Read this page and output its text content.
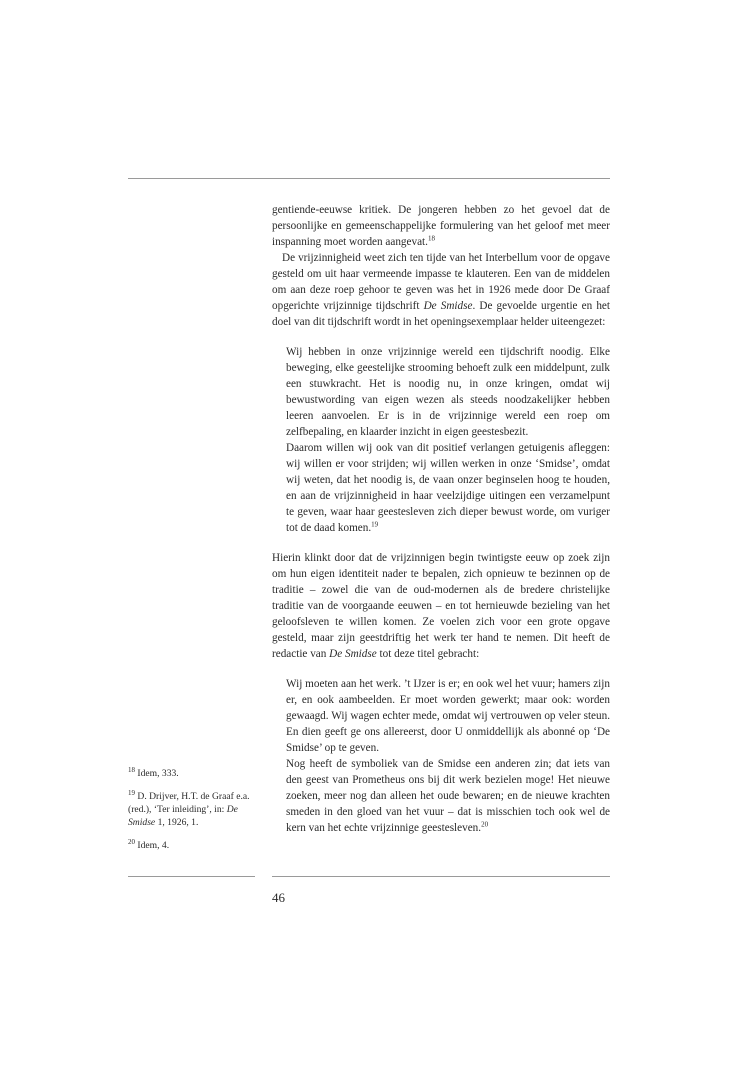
gentiende-eeuwse kritiek. De jongeren hebben zo het gevoel dat de persoonlijke en gemeenschappelijke formulering van het geloof met meer inspanning moet worden aangevat.$^{18}$

De vrijzinnigheid weet zich ten tijde van het Interbellum voor de opgave gesteld om uit haar vermeende impasse te klauteren. Een van de middelen om aan deze roep gehoor te geven was het in 1926 mede door De Graaf opgerichte vrijzinnige tijdschrift De Smidse. De gevoelde urgentie en het doel van dit tijdschrift wordt in het openingsexemplaar helder uiteengezet:

Wij hebben in onze vrijzinnige wereld een tijdschrift noodig. Elke beweging, elke geestelijke strooming behoeft zulk een middelpunt, zulk een stuwkracht. Het is noodig nu, in onze kringen, omdat wij bewustwording van eigen wezen als steeds noodzakelijker hebben leeren aanvoelen. Er is in de vrijzinnige wereld een roep om zelfbepaling, en klaarder inzicht in eigen geestesbezit.

Daarom willen wij ook van dit positief verlangen getuigenis afleggen: wij willen er voor strijden; wij willen werken in onze ‘Smidse’, omdat wij weten, dat het noodig is, de vaan onzer beginselen hoog te houden, en aan de vrijzinnigheid in haar veelzijdige uitingen een verzamelpunt te geven, waar haar geestesleven zich dieper bewust worde, om vuriger tot de daad komen.$^{19}$

Hierin klinkt door dat de vrijzinnigen begin twintigste eeuw op zoek zijn om hun eigen identiteit nader te bepalen, zich opnieuw te bezinnen op de traditie – zowel die van de oud-modernen als de bredere christelijke traditie van de voorgaande eeuwen – en tot hernieuwde bezieling van het geloofsleven te willen komen. Ze voelen zich voor een grote opgave gesteld, maar zijn geestdriftig het werk ter hand te nemen. Dit heeft de redactie van De Smidse tot deze titel gebracht:

Wij moeten aan het werk. ’t IJzer is er; en ook wel het vuur; hamers zijn er, en ook aambeelden. Er moet worden gewerkt; maar ook: worden gewaagd. Wij wagen echter mede, omdat wij vertrouwen op veler steun. En dien geeft ge ons allereerst, door U onmiddellijk als abonné op ‘De Smidse’ op te geven.

Nog heeft de symboliek van de Smidse een anderen zin; dat iets van den geest van Prometheus ons bij dit werk bezielen moge! Het nieuwe zoeken, meer nog dan alleen het oude bewaren; en de nieuwe krachten smeden in den gloed van het vuur – dat is misschien toch ook wel de kern van het echte vrijzinnige geestesleven.$^{20}$

$^{18}$ Idem, 333.

$^{19}$ D. Drijver, H.T. de Graaf e.a. (red.), ‘Ter inleiding’, in: De Smidse 1, 1926, 1.

$^{20}$ Idem, 4.

46
